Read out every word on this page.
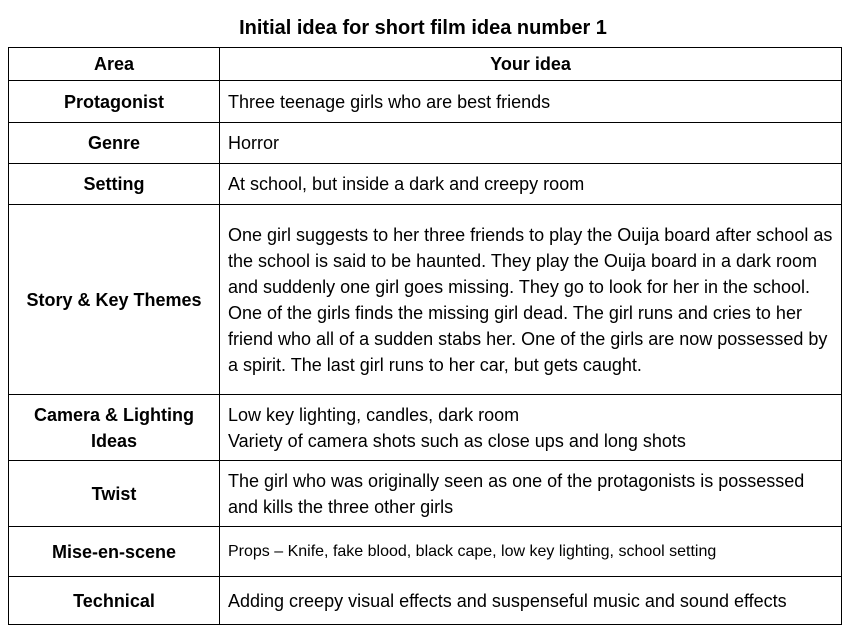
Initial idea for short film idea number 1
Area	Your idea
Protagonist	Three teenage girls who are best friends
Genre	Horror
Setting	At school, but inside a dark and creepy room
Story & Key Themes	One girl suggests to her three friends to play the Ouija board after school as the school is said to be haunted. They play the Ouija board in a dark room and suddenly one girl goes missing. They go to look for her in the school. One of the girls finds the missing girl dead. The girl runs and cries to her friend who all of a sudden stabs her. One of the girls are now possessed by a spirit. The last girl runs to her car, but gets caught.
Camera & Lighting Ideas	Low key lighting, candles, dark room
Variety of camera shots such as close ups and long shots
Twist	The girl who was originally seen as one of the protagonists is possessed and kills the three other girls
Mise-en-scene	Props – Knife, fake blood, black cape, low key lighting, school setting
Technical	Adding creepy visual effects and suspenseful music and sound effects
